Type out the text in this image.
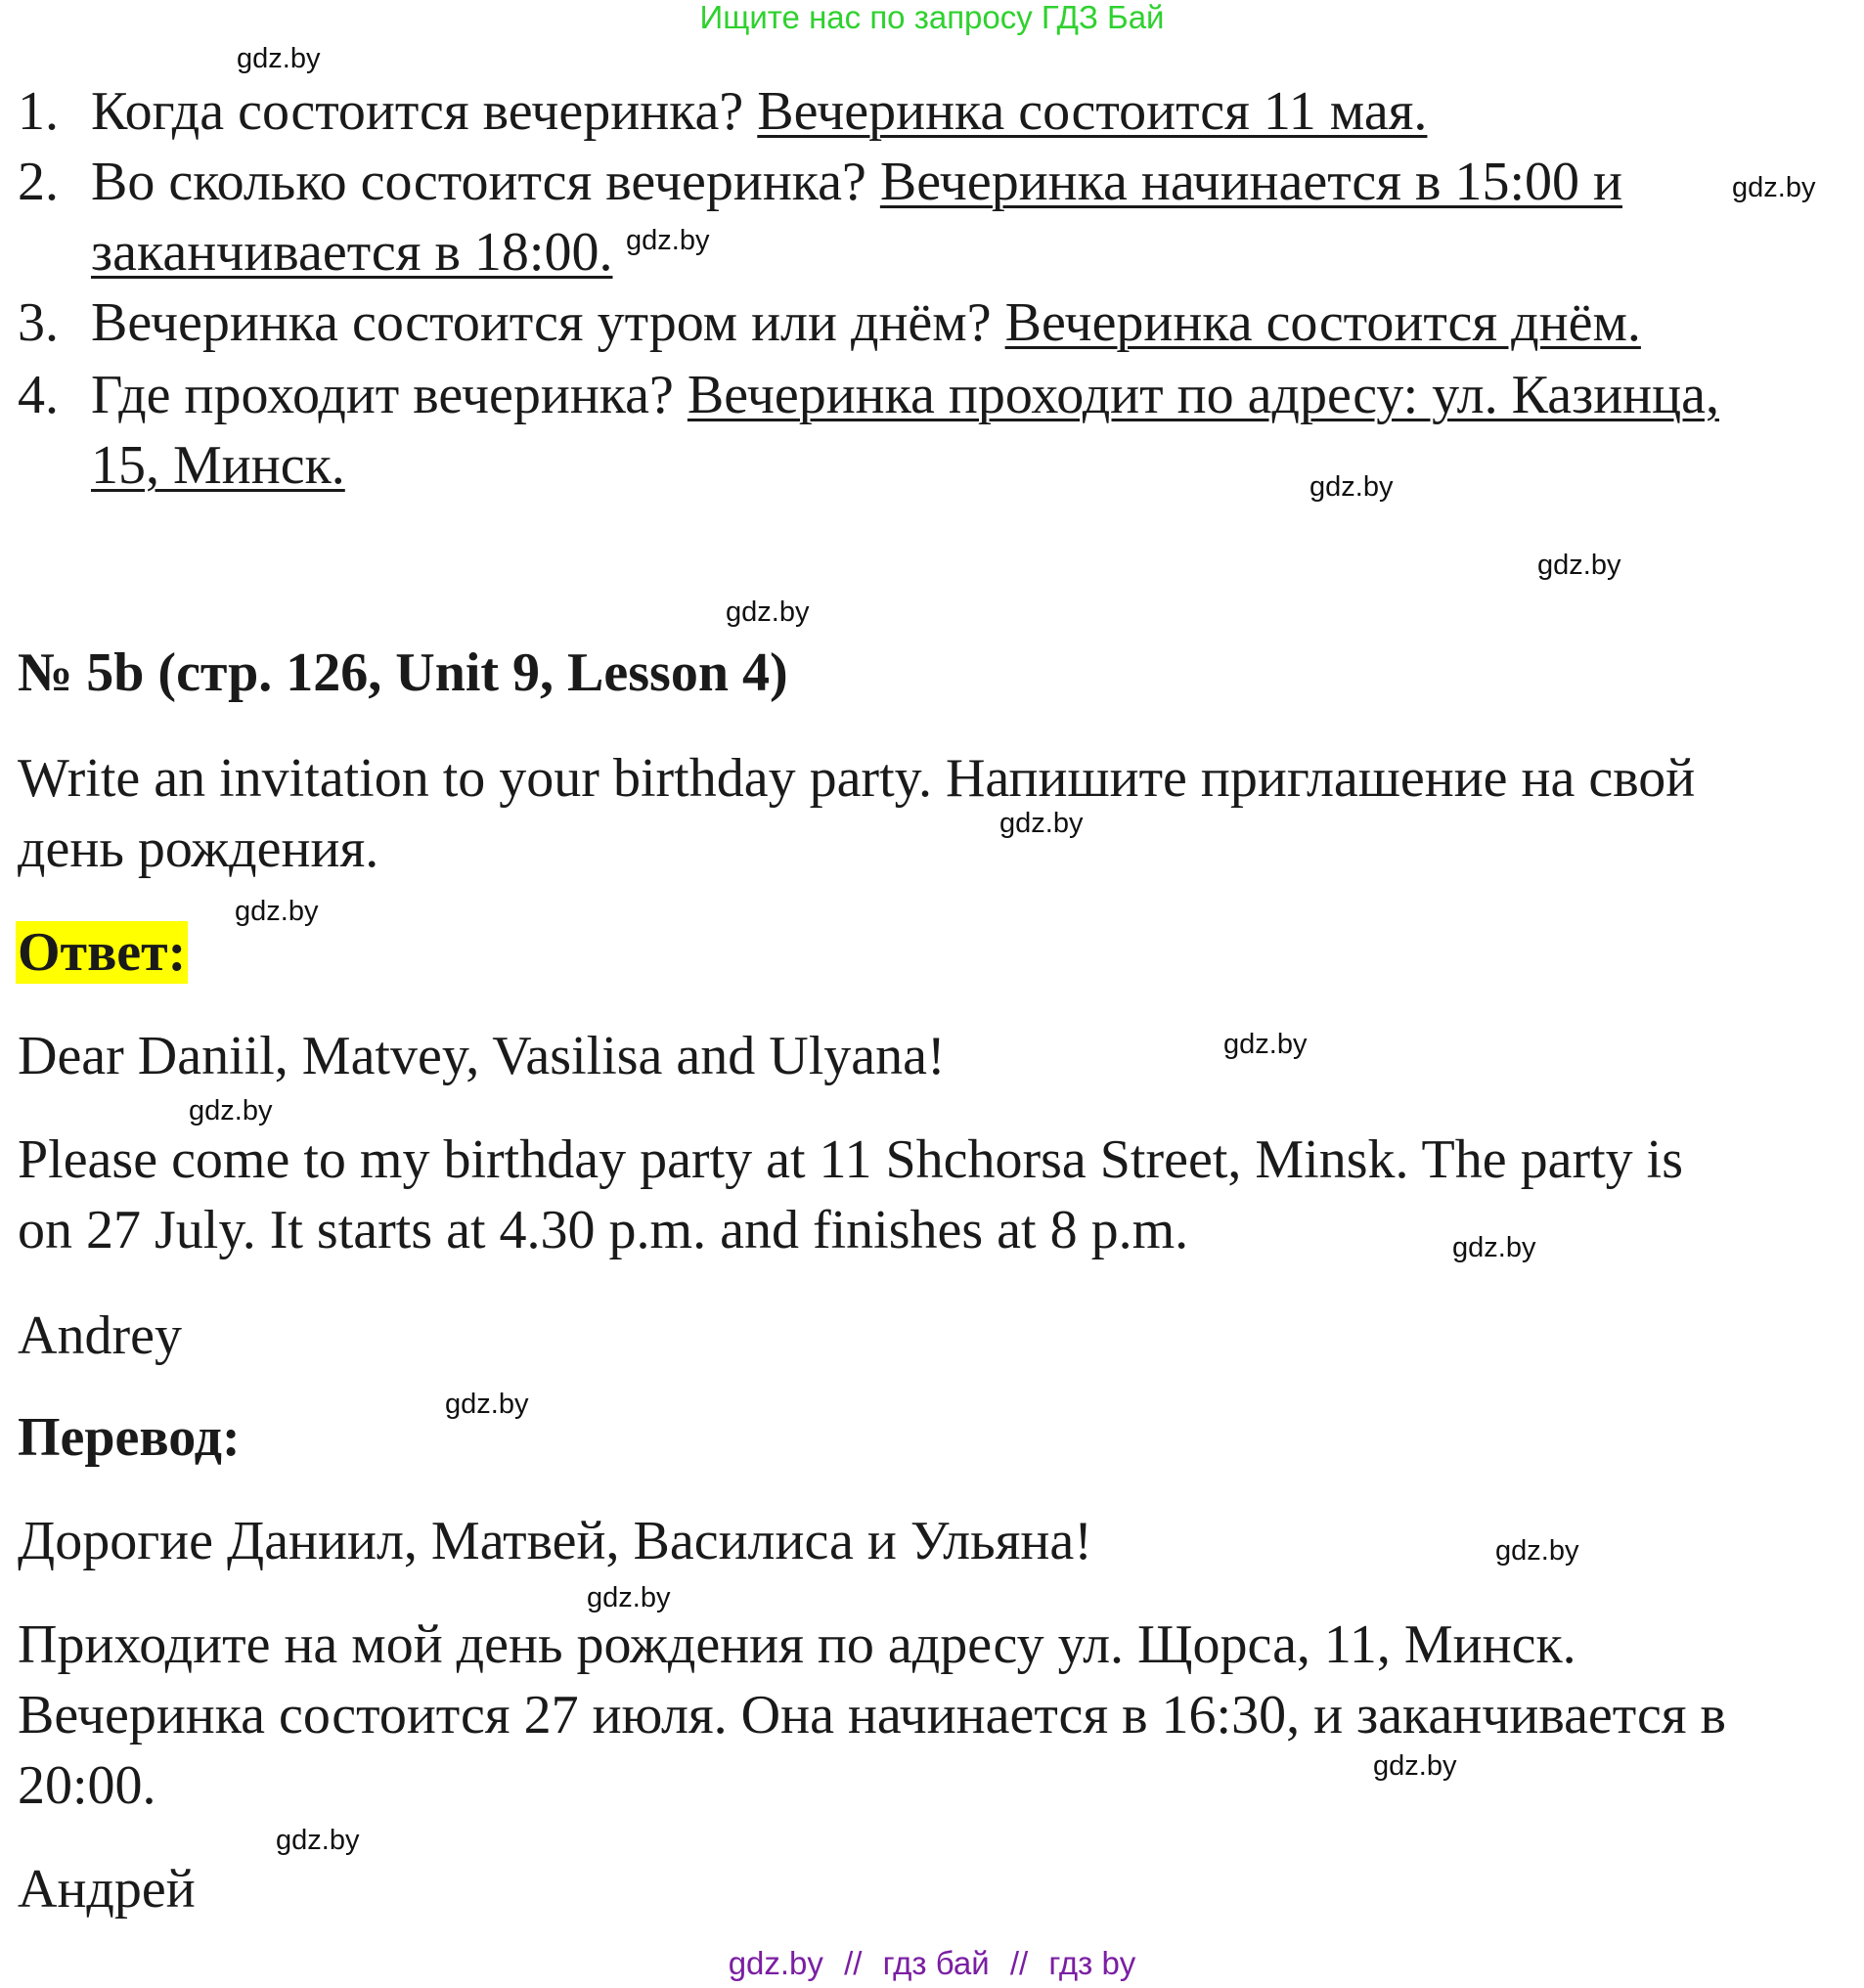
Ищите нас по запросу ГДЗ Бай
gdz.by
gdz.by
gdz.by
gdz.by
gdz.by
gdz.by
gdz.by
gdz.by
gdz.by
gdz.by
gdz.by
gdz.by
gdz.by
gdz.by
gdz.by
gdz.by
1. Когда состоится вечеринка? Вечеринка состоится 11 мая.
2. Во сколько состоится вечеринка? Вечеринка начинается в 15:00 и
заканчивается в 18:00.
3. Вечеринка состоится утром или днём? Вечеринка состоится днём.
4. Где проходит вечеринка? Вечеринка проходит по адресу: ул. Казинца,
15, Минск.
№ 5b (стр. 126, Unit 9, Lesson 4)
Write an invitation to your birthday party. Напишите приглашение на свой
день рождения.
Ответ:
Dear Daniil, Matvey, Vasilisa and Ulyana!
Please come to my birthday party at 11 Shchorsa Street, Minsk. The party is
on 27 July. It starts at 4.30 p.m. and finishes at 8 p.m.
Andrey
Перевод:
Дорогие Даниил, Матвей, Василиса и Ульяна!
Приходите на мой день рождения по адресу ул. Щорса, 11, Минск.
Вечеринка состоится 27 июля. Она начинается в 16:30, и заканчивается в
20:00.
Андрей
gdz.by // гдз бай // гдз by
